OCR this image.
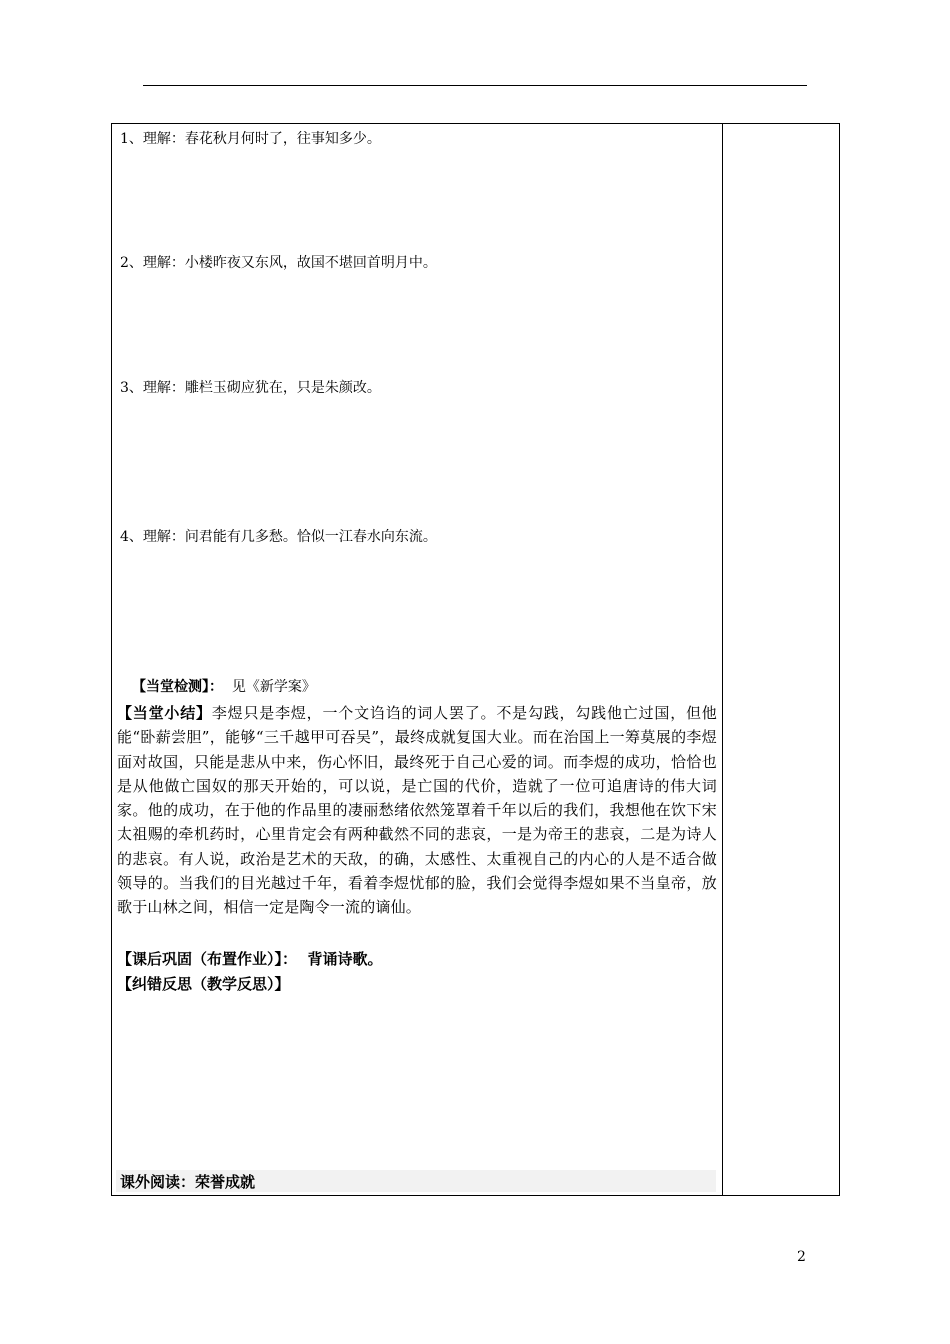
1、理解：春花秋月何时了，往事知多少。
2、理解：小楼昨夜又东风，故国不堪回首明月中。
3、理解：雕栏玉砌应犹在，只是朱颜改。
4、理解：问君能有几多愁。恰似一江春水向东流。
【当堂检测】： 见《新学案》
【当堂小结】李煜只是李煜，一个文诌诌的词人罢了。不是勾践，勾践他亡过国，但他能“卧薪尝胆”，能够“三千越甲可吞吴”，最终成就复国大业。而在治国上一筹莫展的李煜面对故国，只能是悲从中来，伤心怀旧，最终死于自己心爱的词。而李煜的成功，恰恰也是从他做亡国奴的那天开始的，可以说，是亡国的代价，造就了一位可追唐诗的伟大词家。他的成功，在于他的作品里的凄丽愁绪依然笼罩着千年以后的我们，我想他在饮下宋太祖赐的牵机药时，心里肯定会有两种截然不同的悲哀，一是为帝王的悲哀，二是为诗人的悲哀。有人说，政治是艺术的天敌，的确，太感性、太重视自己的内心的人是不适合做领导的。当我们的目光越过千年，看着李煜忧郁的脸，我们会觉得李煜如果不当皇帝，放歌于山林之间，相信一定是陶令一流的谪仙。
【课后巩固（布置作业）】： 背诵诗歌。
【纠错反思（教学反思）】
课外阅读：荣誉成就
2
